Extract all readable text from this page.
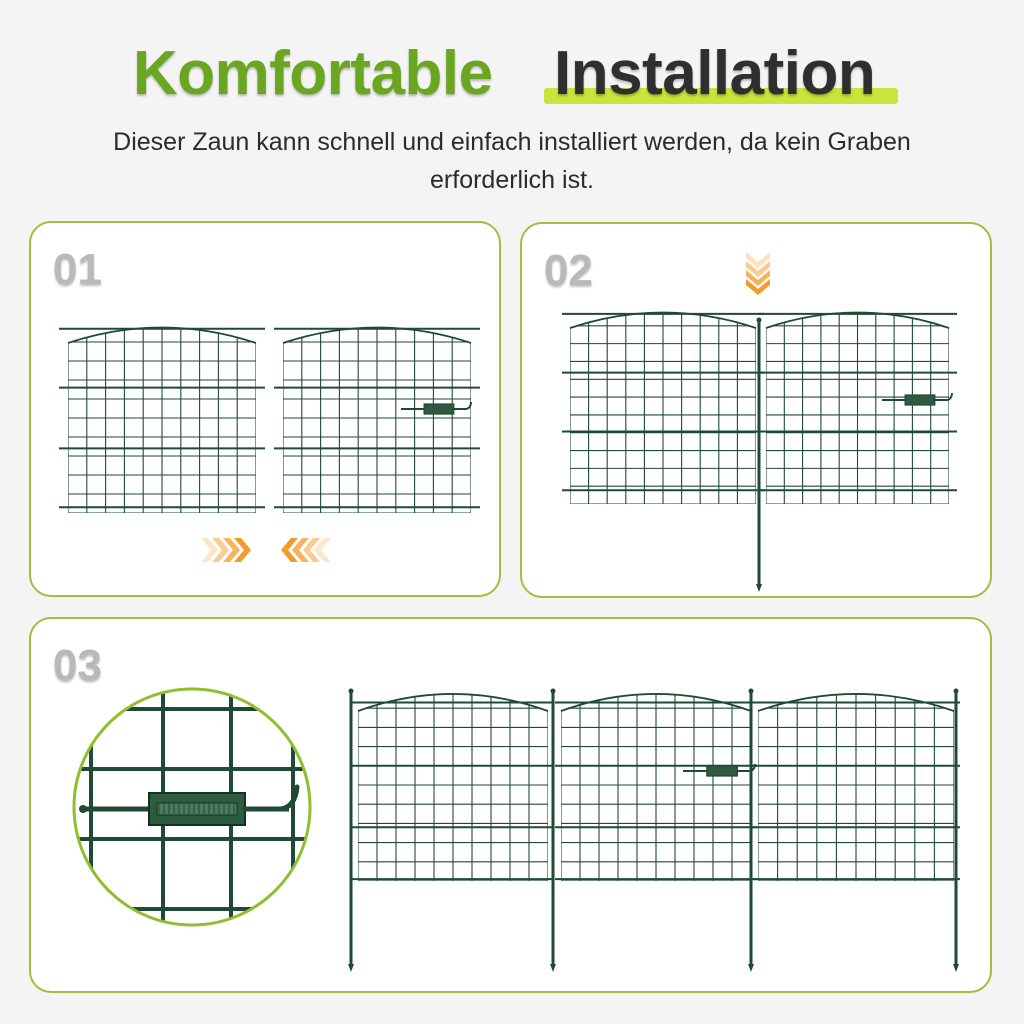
Komfortable Installation
Dieser Zaun kann schnell und einfach installiert werden, da kein Graben erforderlich ist.
01	02
03
